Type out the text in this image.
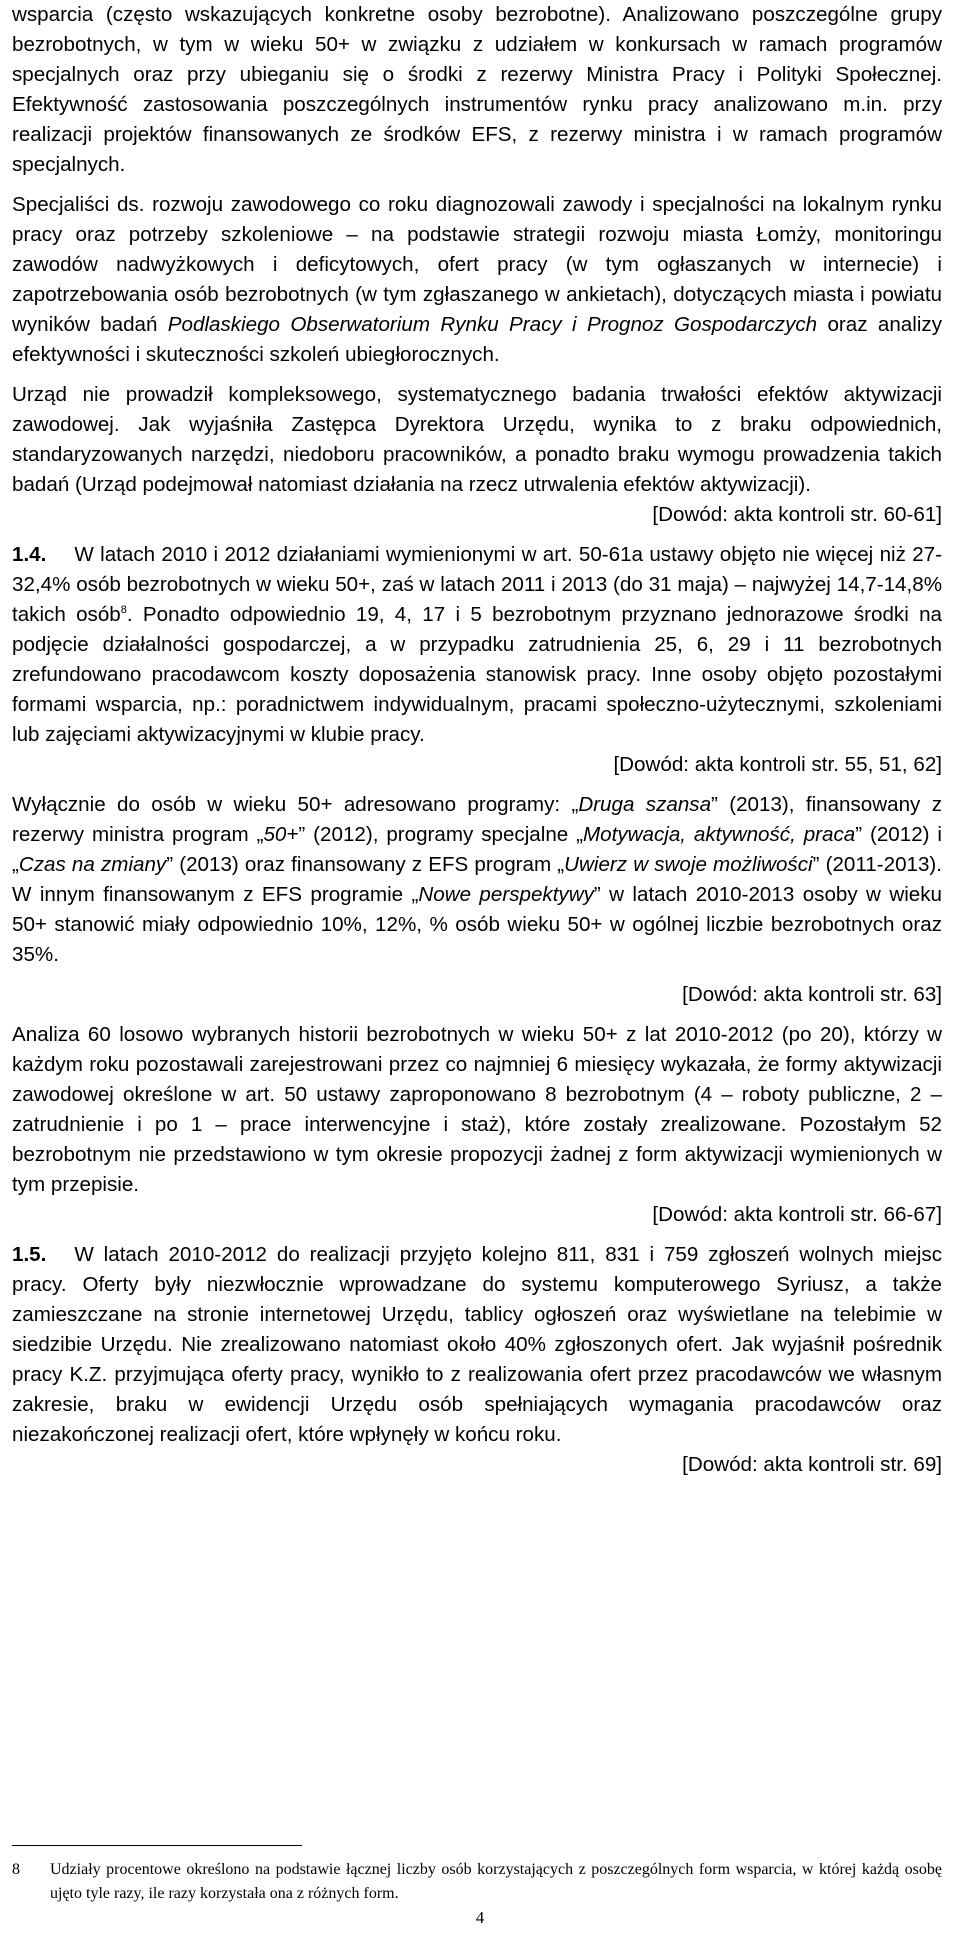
wsparcia (często wskazujących konkretne osoby bezrobotne). Analizowano poszczególne grupy bezrobotnych, w tym w wieku 50+ w związku z udziałem w konkursach w ramach programów specjalnych oraz przy ubieganiu się o środki z rezerwy Ministra Pracy i Polityki Społecznej. Efektywność zastosowania poszczególnych instrumentów rynku pracy analizowano m.in. przy realizacji projektów finansowanych ze środków EFS, z rezerwy ministra i w ramach programów specjalnych.

Specjaliści ds. rozwoju zawodowego co roku diagnozowali zawody i specjalności na lokalnym rynku pracy oraz potrzeby szkoleniowe – na podstawie strategii rozwoju miasta Łomży, monitoringu zawodów nadwyżkowych i deficytowych, ofert pracy (w tym ogłaszanych w internecie) i zapotrzebowania osób bezrobotnych (w tym zgłaszanego w ankietach), dotyczących miasta i powiatu wyników badań Podlaskiego Obserwatorium Rynku Pracy i Prognoz Gospodarczych oraz analizy efektywności i skuteczności szkoleń ubiegłorocznych.

Urząd nie prowadził kompleksowego, systematycznego badania trwałości efektów aktywizacji zawodowej. Jak wyjaśniła Zastępca Dyrektora Urzędu, wynika to z braku odpowiednich, standaryzowanych narzędzi, niedoboru pracowników, a ponadto braku wymogu prowadzenia takich badań (Urząd podejmował natomiast działania na rzecz utrwalenia efektów aktywizacji).
[Dowód: akta kontroli str. 60-61]

1.4. W latach 2010 i 2012 działaniami wymienionymi w art. 50-61a ustawy objęto nie więcej niż 27-32,4% osób bezrobotnych w wieku 50+, zaś w latach 2011 i 2013 (do 31 maja) – najwyżej 14,7-14,8% takich osób$^8$. Ponadto odpowiednio 19, 4, 17 i 5 bezrobotnym przyznano jednorazowe środki na podjęcie działalności gospodarczej, a w przypadku zatrudnienia 25, 6, 29 i 11 bezrobotnych zrefundowano pracodawcom koszty doposażenia stanowisk pracy. Inne osoby objęto pozostałymi formami wsparcia, np.: poradnictwem indywidualnym, pracami społeczno-użytecznymi, szkoleniami lub zajęciami aktywizacyjnymi w klubie pracy.
[Dowód: akta kontroli str. 55, 51, 62]

Wyłącznie do osób w wieku 50+ adresowano programy: „Druga szansa” (2013), finansowany z rezerwy ministra program „50+” (2012), programy specjalne „Motywacja, aktywność, praca” (2012) i „Czas na zmiany” (2013) oraz finansowany z EFS program „Uwierz w swoje możliwości” (2011-2013). W innym finansowanym z EFS programie „Nowe perspektywy” w latach 2010-2013 osoby w wieku 50+ stanowić miały odpowiednio 10%, 12%, % osób wieku 50+ w ogólnej liczbie bezrobotnych oraz 35%.

[Dowód: akta kontroli str. 63]

Analiza 60 losowo wybranych historii bezrobotnych w wieku 50+ z lat 2010-2012 (po 20), którzy w każdym roku pozostawali zarejestrowani przez co najmniej 6 miesięcy wykazała, że formy aktywizacji zawodowej określone w art. 50 ustawy zaproponowano 8 bezrobotnym (4 – roboty publiczne, 2 – zatrudnienie i po 1 – prace interwencyjne i staż), które zostały zrealizowane. Pozostałym 52 bezrobotnym nie przedstawiono w tym okresie propozycji żadnej z form aktywizacji wymienionych w tym przepisie.
[Dowód: akta kontroli str. 66-67]

1.5. W latach 2010-2012 do realizacji przyjęto kolejno 811, 831 i 759 zgłoszeń wolnych miejsc pracy. Oferty były niezwłocznie wprowadzane do systemu komputerowego Syriusz, a także zamieszczane na stronie internetowej Urzędu, tablicy ogłoszeń oraz wyświetlane na telebimie w siedzibie Urzędu. Nie zrealizowano natomiast około 40% zgłoszonych ofert. Jak wyjaśnił pośrednik pracy K.Z. przyjmująca oferty pracy, wynikło to z realizowania ofert przez pracodawców we własnym zakresie, braku w ewidencji Urzędu osób spełniających wymagania pracodawców oraz niezakończonej realizacji ofert, które wpłynęły w końcu roku.
[Dowód: akta kontroli str. 69]

8 Udziały procentowe określono na podstawie łącznej liczby osób korzystających z poszczególnych form wsparcia, w której każdą osobę ujęto tyle razy, ile razy korzystała ona z różnych form.
4
